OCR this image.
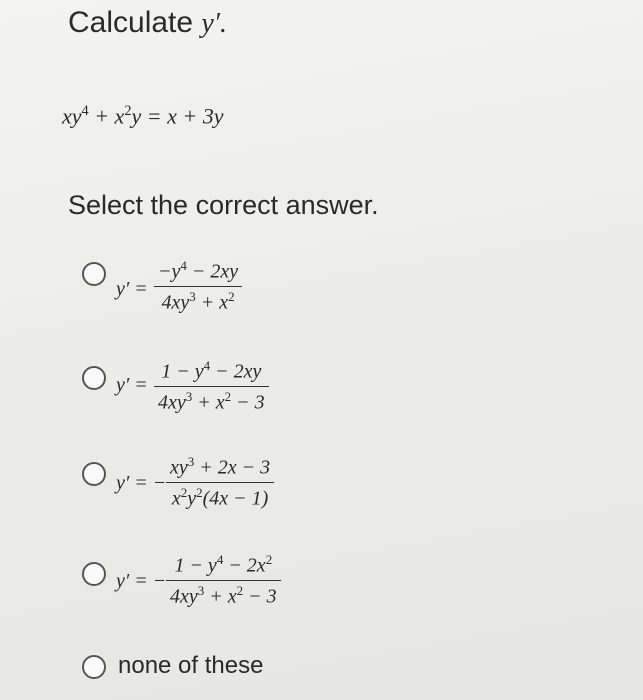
Calculate y′.
$xy^4 + x^2y = x + 3y$
Select the correct answer.
y′ =
$-y^4 - 2xy$
$4xy^3 + x^2$
y′ =
$1 - y^4 - 2xy$
$4xy^3 + x^2 - 3$
y′ = −
$xy^3 + 2x - 3$
$x^2y^2(4x - 1)$
y′ = −
$1 - y^4 - 2x^2$
$4xy^3 + x^2 - 3$
none of these
